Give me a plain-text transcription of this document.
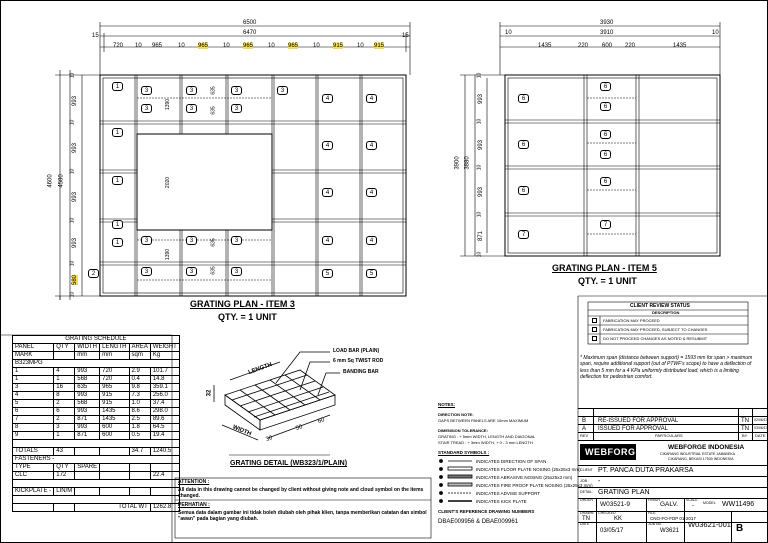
6500
6470
15	15
720 10 965	10 965 10 965 10 965 10 915 10 915
4600 4580
10
993
10
993
10
993
10
993
10
580
10
1390
2020
1390
635
635
635
635
1
3	3	3
4	4
1
3	3	3
4	4
1
1
4	4
1	3	3	3	4	4
2	3	3	3	5	5
3
GRATING PLAN - ITEM 3
QTY. = 1 UNIT
3930
3910
10	10
1435	220 600 220	1435
3900 3880
10
993
10
993
10
993
10
871
10
6
6
6
6
6
6
6
6
7
7
GRATING PLAN - ITEM 5
QTY. = 1 UNIT
GRATING SCHEDULE					
PANEL	QTY	WIDTH	LENGTH	AREA	WEIGHT
MARK		mm	mm	sqm	Kg
B323MPG					
1	4	993	720	2.9	101.7
1	1	568	720	0.4	14.8
3	16	635	965	9.8	359.1
4	8	993	915	7.3	256.0
5	2	568	915	1.0	37.4
6	6	993	1435	8.6	298.0
7	2	871	1435	2.5	89.6
8	3	993	600	1.8	64.5
9	1	871	600	0.5	19.4

TOTALS	43			34.7	1240.5
FASTENERS -					
TYPE	QTY	SPARE			
CLC	172				22.4

KICKPLATE -	LIN/M				

		TOTAL WT			1262.8
LOAD BAR (PLAIN)
6 mm Sq TWIST ROD
BANDING BAR
LENGTH
WIDTH
32
50
60
30
GRATING DETAIL (WB323/1/PLAIN)
ATTENTION :
All data in this drawing cannot be changed by client without giving note and cloud symbol on the items changed.
PERHATIAN :
Semua data dalam gambar ini tidak boleh diubah oleh pihak klien, tanpa memberikan catatan dan simbol "awan" pada bagian yang diubah.
NOTES:
DIRECTION NOTE:
GAPS BETWEEN PANELS ARE 10mm MAXIMUM
DIMENSION TOLERANCE:
GRATING : + 5mm WIDTH, LENGTH AND DIAGONAL
STAIR TREAD : + 3mm WIDTH, + 0 - 3 mm LENGTH
STANDARD SYMBOLS :
INDICATES DIRECTION OF SPAN
INDICATES FLOOR PLATE NOSING (25x25x3 mm)
INDICATES ABRASIVE NOSING (25x25x3 mm)
INDICATES FIRE PROOF PLATE NOSING (25x25x3 mm)
INDICATES ADVISE SUPPORT
INDICATES KICK PLATE
CLIENT'S REFERENCE DRAWING NUMBERS
DBAE009956 & DBAE009961
CLIENT REVIEW STATUS
DESCRIPTION
FABRICATION MAY PROCEED
FABRICATION MAY PROCEED, SUBJECT TO CHANGES
DO NOT PROCEED CHANGES AS NOTED & RESUBMIT
* Maximum span (distance between support) = 1593 mm for span > maximum span, require additional support (out of PTWF's scope) to have a deflection of less than 5 mm for a 4 KPa uniformly distributed load, which is a limiting deflection for pedestrian comfort.
B RE-ISSUED FOR APPROVAL	TN 02/05/17
A ISSUED FOR APPROVAL	TN 03/05/17
REV	PARTICULARS	BY DATE
WEBFORGE	WEBFORGE INDONESIA
CIKARANG INDUSTRIAL ESTATE JABABEKA
CIKARANG, BEKASI 17530 INDONESIA
CLIENT PT. PANCA DUTA PRAKARSA
JOB -
DETAIL GRATING PLAN
ORDER
W03521-9
FINISH
GALV.
SCALE
-	MODEL WW11496
DRAWN
TN
CHECKED
KK
FILE
CNO-FO-FDP 01-2017
DATE
03/05/17
JOB No.
W3621
W03621-001 B
